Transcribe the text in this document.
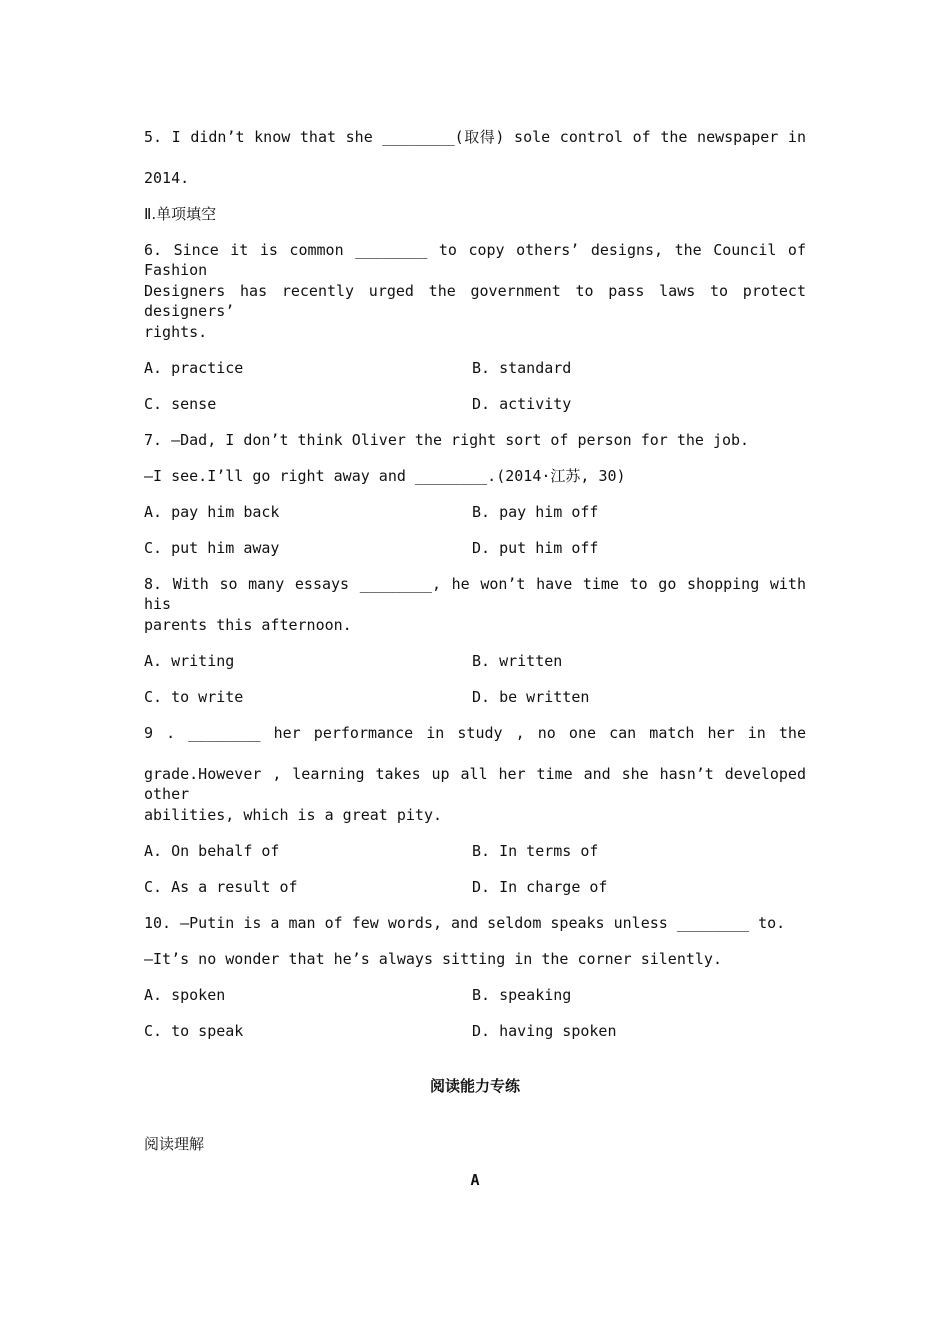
5. I didn’t know that she ________(取得) sole control of the newspaper in

2014.

Ⅱ.单项填空

6. Since it is common ________ to copy others’ designs, the Council of Fashion

Designers has recently urged the government to pass laws to protect designers’

rights.

A. practice	B. standard
C. sense	D. activity

7. —Dad, I don’t think Oliver the right sort of person for the job.

—I see.I’ll go right away and ________.(2014·江苏, 30)

A. pay him back	B. pay him off
C. put him away	D. put him off

8. With so many essays ________, he won’t have time to go shopping with his

parents this afternoon.

A. writing	B. written
C. to write	D. be written

9 . ________ her performance in study , no one can match her in the

grade.However , learning takes up all her time and she hasn’t developed other

abilities, which is a great pity.

A. On behalf of	B. In terms of
C. As a result of	D. In charge of

10. —Putin is a man of few words, and seldom speaks unless ________ to.

—It’s no wonder that he’s always sitting in the corner silently.

A. spoken	B. speaking
C. to speak	D. having spoken
阅读能力专练

阅读理解

A
